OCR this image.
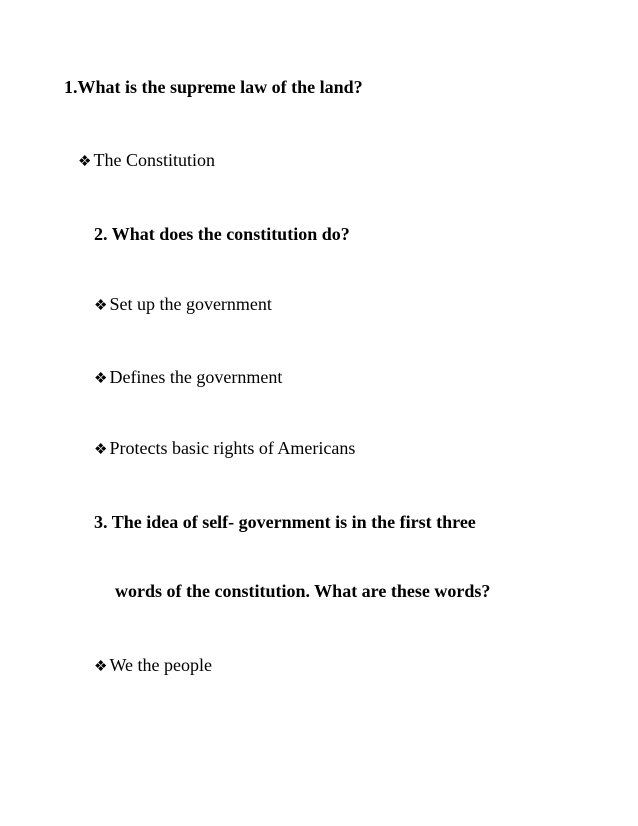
1.What is the supreme law of the land?
❖ The Constitution
2. What does the constitution do?
❖ Set up the government
❖ Defines the government
❖ Protects basic rights of Americans
3. The idea of self- government is in the first three
words of the constitution. What are these words?
❖ We the people
